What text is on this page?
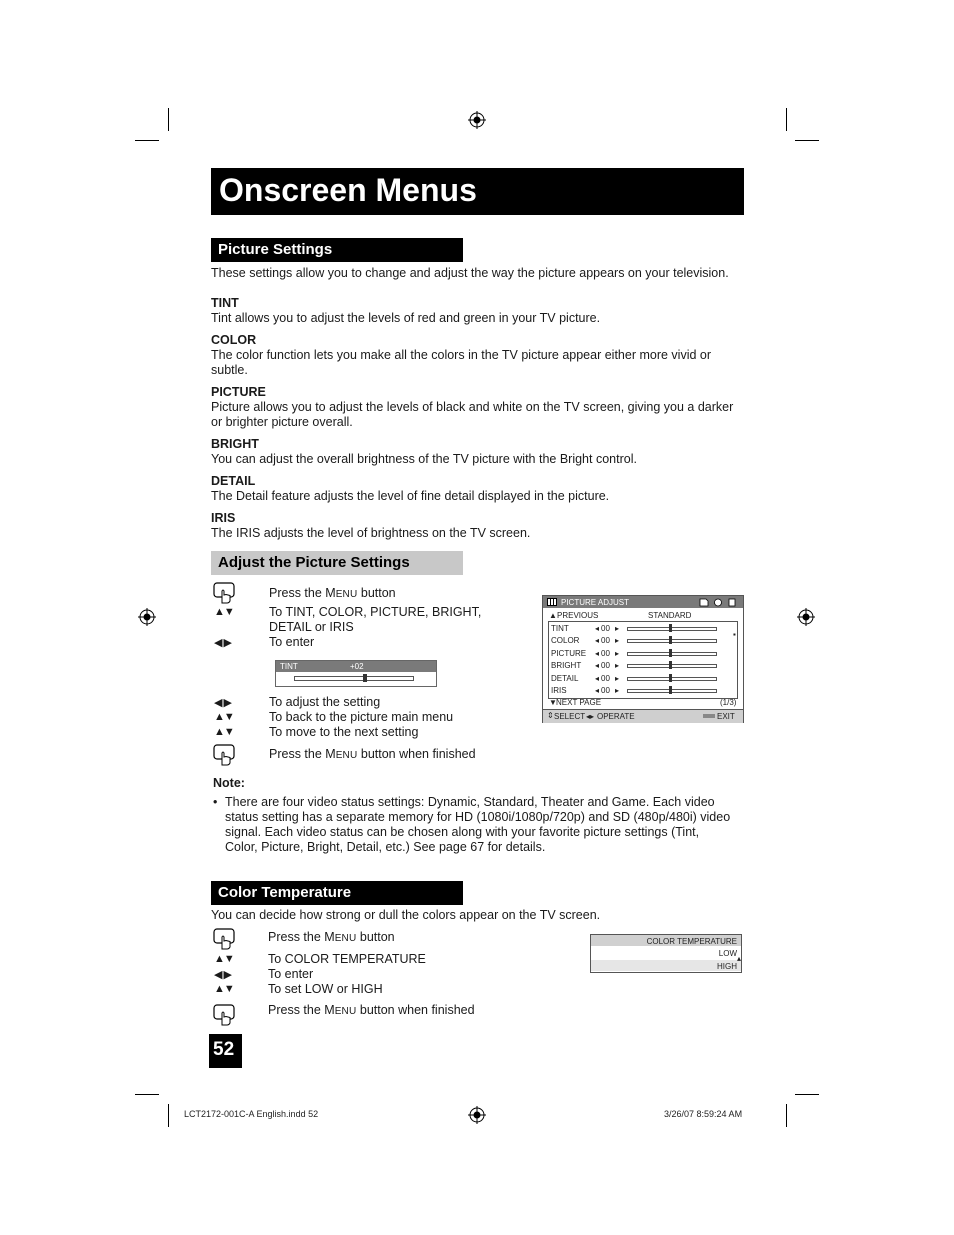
Onscreen Menus
Picture Settings
These settings allow you to change and adjust the way the picture appears on your television.
TINT
Tint allows you to adjust the levels of red and green in your TV picture.
COLOR
The color function lets you make all the colors in the TV picture appear either more vivid or
subtle.
PICTURE
Picture allows you to adjust the levels of black and white on the TV screen, giving you a darker
or brighter picture overall.
BRIGHT
You can adjust the overall brightness of the TV picture with the Bright control.
DETAIL
The Detail feature adjusts the level of fine detail displayed in the picture.
IRIS
The IRIS adjusts the level of brightness on the TV screen.
Adjust the Picture Settings
Press the MENU button
▲▼	To TINT, COLOR, PICTURE, BRIGHT,
DETAIL or IRIS
◀ ▶	To enter
TINT	+02
◀ ▶	To adjust the setting
▲▼	To back to the picture main menu
▲▼	To move to the next setting
Press the MENU button when finished
PICTURE ADJUST
▲ PREVIOUS	STANDARD
TINT	◂ 00 ▸
COLOR ◂ 00 ▸
PICTURE ◂ 00 ▸
BRIGHT ◂ 00 ▸
DETAIL ◂ 00 ▸
IRIS	◂ 00 ▸
▪
▼ NEXT PAGE	(1/3)
⇕ SELECT ◂▸ OPERATE	EXIT
Note:
• There are four video status settings: Dynamic, Standard, Theater and Game. Each video
status setting has a separate memory for HD (1080i/1080p/720p) and SD (480p/480i) video
signal. Each video status can be chosen along with your favorite picture settings (Tint,
Color, Picture, Bright, Detail, etc.) See page 67 for details.
Color Temperature
You can decide how strong or dull the colors appear on the TV screen.
Press the MENU button
▲▼	To COLOR TEMPERATURE
◀ ▶	To enter
▲▼	To set LOW or HIGH
Press the MENU button when finished
COLOR TEMPERATURE
LOW
HIGH
▴
52
LCT2172-001C-A English.indd 52	3/26/07 8:59:24 AM
